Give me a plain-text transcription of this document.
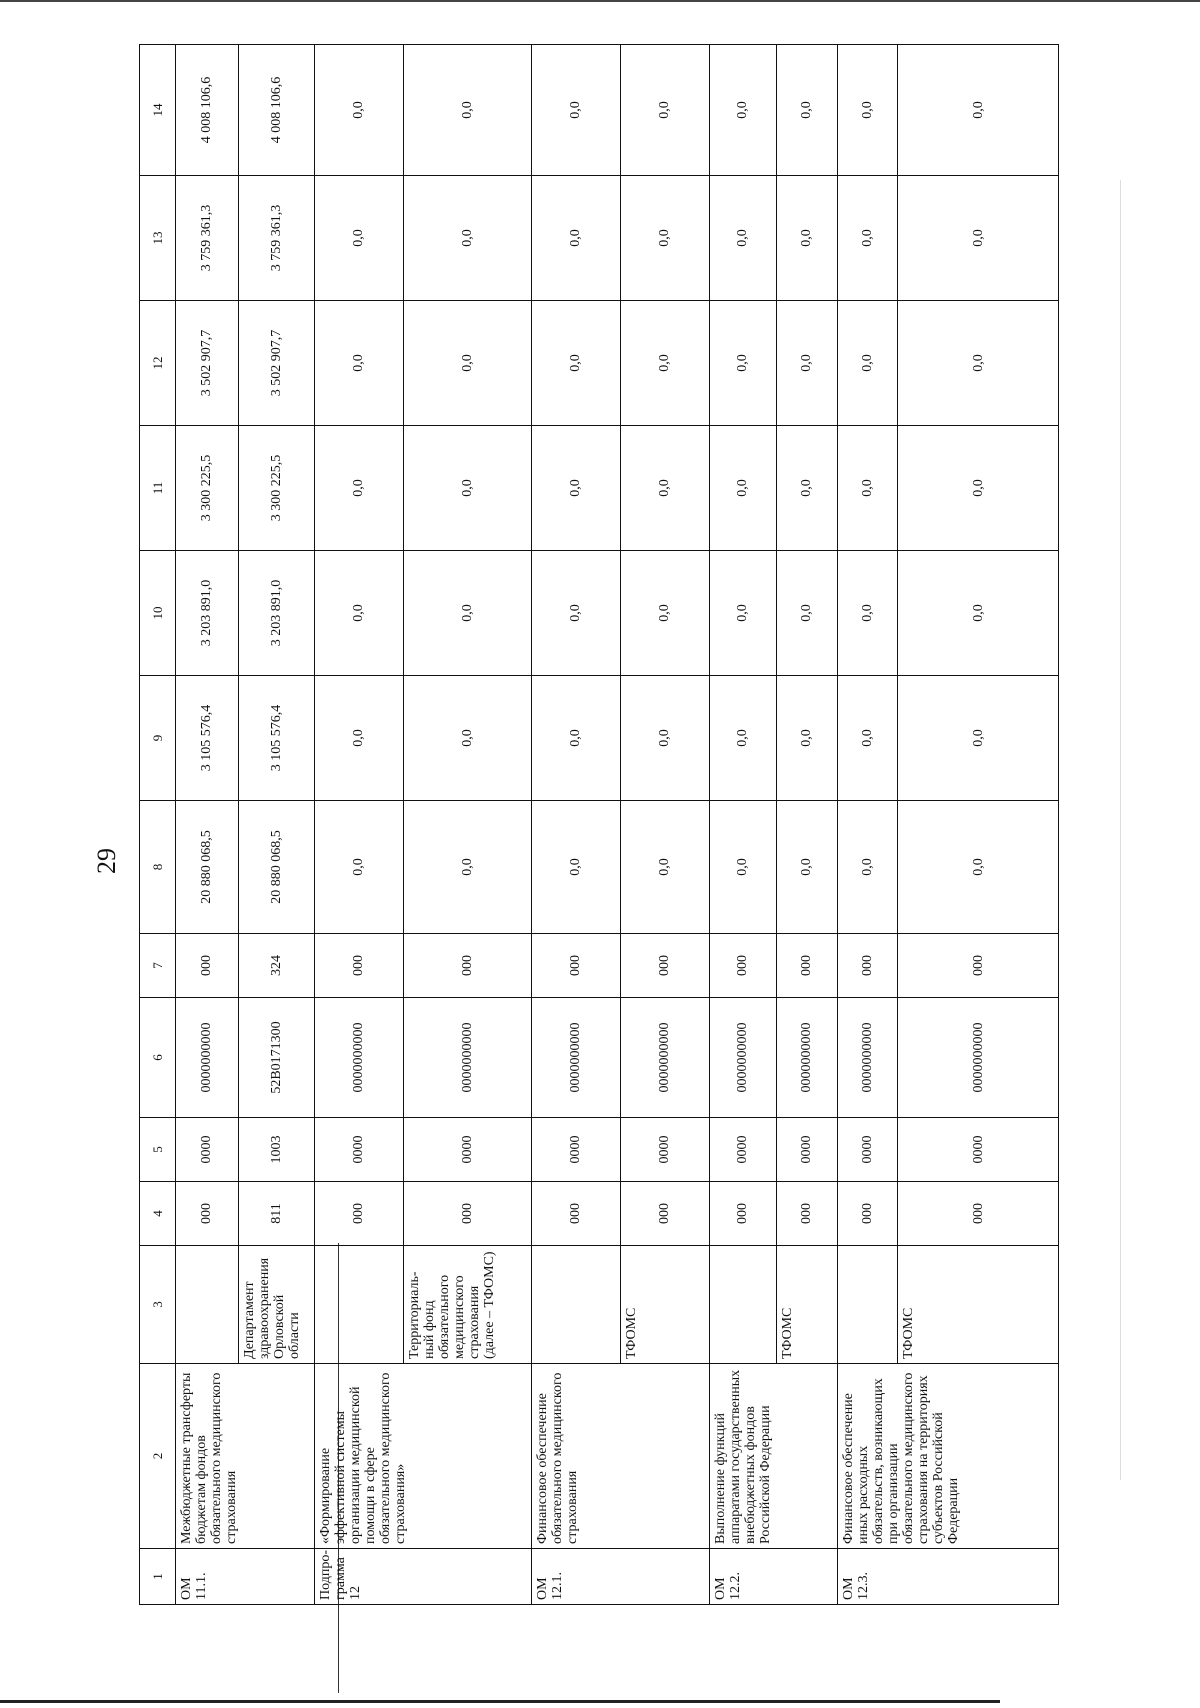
29
1	2	3	4	5	6	7	8	9	10	11	12	13	14
ОМ 11.1.	Межбюджетные трансферты бюджетам фондов обязательного медицинского страхования		000	0000	0000000000	000	20 880 068,5	3 105 576,4	3 203 891,0	3 300 225,5	3 502 907,7	3 759 361,3	4 008 106,6
		Департамент здравоохранения Орловской области	811	1003	52В0171300	324	20 880 068,5	3 105 576,4	3 203 891,0	3 300 225,5	3 502 907,7	3 759 361,3	4 008 106,6
Подпро-грамма 12	«Формирование эффективной системы организации медицинской помощи в сфере обязательного медицинского страхования»		000	0000	0000000000	000	0,0	0,0	0,0	0,0	0,0	0,0	0,0
		Территориаль-ный фонд обязательного медицинского страхования (далее – ТФОМС)	000	0000	0000000000	000	0,0	0,0	0,0	0,0	0,0	0,0	0,0
ОМ 12.1.	Финансовое обеспечение обязательного медицинского страхования		000	0000	0000000000	000	0,0	0,0	0,0	0,0	0,0	0,0	0,0
		ТФОМС	000	0000	0000000000	000	0,0	0,0	0,0	0,0	0,0	0,0	0,0
ОМ 12.2.	Выполнение функций аппаратами государственных внебюджетных фондов Российской Федерации		000	0000	0000000000	000	0,0	0,0	0,0	0,0	0,0	0,0	0,0
		ТФОМС	000	0000	0000000000	000	0,0	0,0	0,0	0,0	0,0	0,0	0,0
ОМ 12.3.	Финансовое обеспечение иных расходных обязательств, возникающих при организации обязательного медицинского страхования на территориях субъектов Российской Федерации		000	0000	0000000000	000	0,0	0,0	0,0	0,0	0,0	0,0	0,0
		ТФОМС	000	0000	0000000000	000	0,0	0,0	0,0	0,0	0,0	0,0	0,0
